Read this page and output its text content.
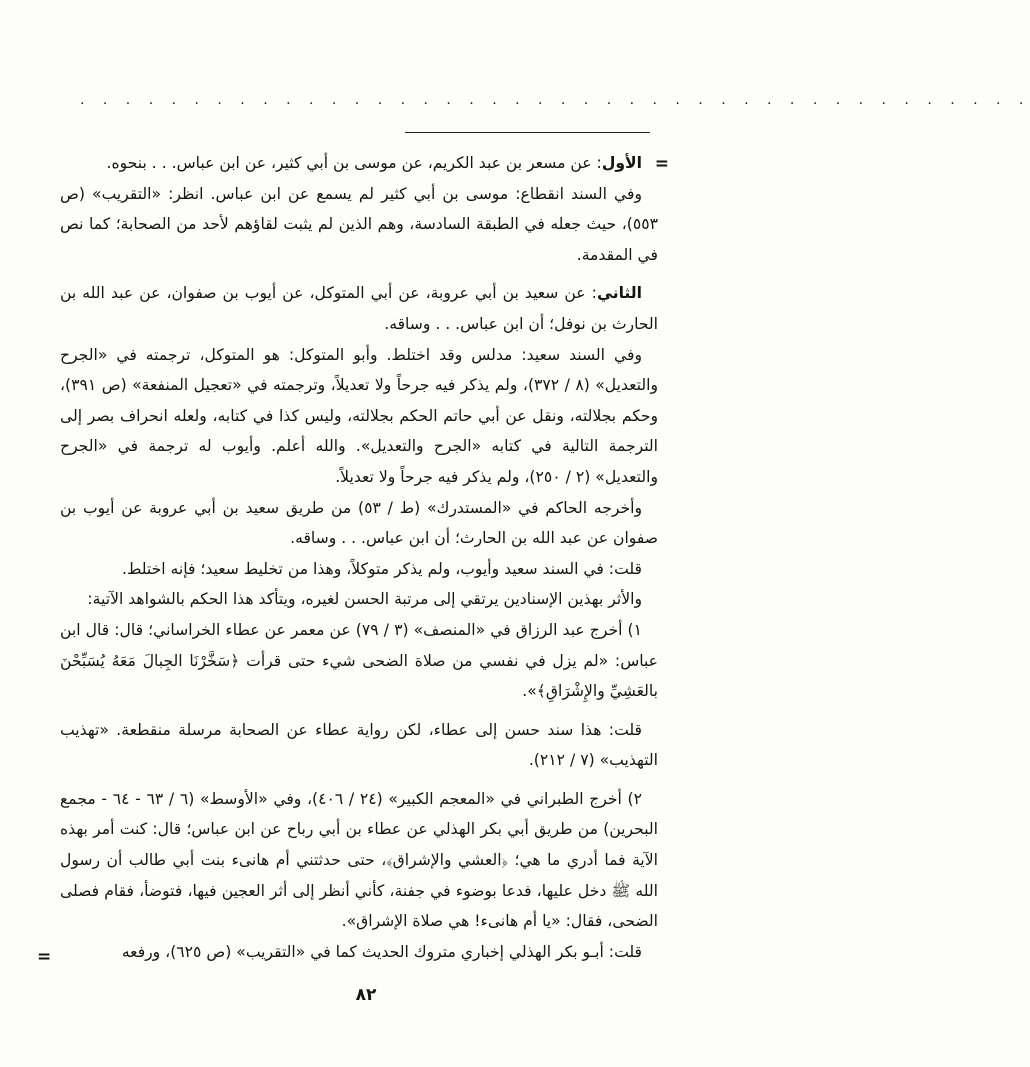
. . . . . . . . . . . . . . . . . . . . . . . . . . . . . . . . . . . . . . . . . .
=

الأول: عن مسعر بن عبد الكريم، عن موسى بن أبي كثير، عن ابن عباس. . . بنحوه.

وفي السند انقطاع: موسى بن أبي كثير لم يسمع عن ابن عباس. انظر: «التقريب» (ص ٥٥٣)، حيث جعله في الطبقة السادسة، وهم الذين لم يثبت لقاؤهم لأحد من الصحابة؛ كما نص في المقدمة.

الثاني: عن سعيد بن أبي عروبة، عن أبي المتوكل، عن أيوب بن صفوان، عن عبد الله بن الحارث بن نوفل؛ أن ابن عباس. . . وساقه.

وفي السند سعيد: مدلس وقد اختلط. وأبو المتوكل: هو المتوكل، ترجمته في «الجرح والتعديل» (٨ / ٣٧٢)، ولم يذكر فيه جرحاً ولا تعديلاً، وترجمته في «تعجيل المنفعة» (ص ٣٩١)، وحكم بجلالته، ونقل عن أبي حاتم الحكم بجلالته، وليس كذا في كتابه، ولعله انحراف بصر إلى الترجمة التالية في كتابه «الجرح والتعديل». والله أعلم. وأيوب له ترجمة في «الجرح والتعديل» (٢ / ٢٥٠)، ولم يذكر فيه جرحاً ولا تعديلاً.

وأخرجه الحاكم في «المستدرك» (ط / ٥٣) من طريق سعيد بن أبي عروبة عن أيوب بن صفوان عن عبد الله بن الحارث؛ أن ابن عباس. . . وساقه.

قلت: في السند سعيد وأيوب، ولم يذكر متوكلاً، وهذا من تخليط سعيد؛ فإنه اختلط.

والأثر بهذين الإسنادين يرتقي إلى مرتبة الحسن لغيره، ويتأكد هذا الحكم بالشواهد الآتية:

١) أخرج عبد الرزاق في «المنصف» (٣ / ٧٩) عن معمر عن عطاء الخراساني؛ قال: قال ابن عباس: «لم يزل في نفسي من صلاة الضحى شيء حتى قرأت ﴿سَخَّرْنَا الجِبالَ مَعَهُ يُسَبِّحْنَ بالعَشِيِّ والإِشْرَاقِ﴾».

قلت: هذا سند حسن إلى عطاء، لكن رواية عطاء عن الصحابة مرسلة منقطعة. «تهذيب التهذيب» (٧ / ٢١٢).

٢) أخرج الطبراني في «المعجم الكبير» (٢٤ / ٤٠٦)، وفي «الأوسط» (٦ / ٦٣ - ٦٤ - مجمع البحرين) من طريق أبي بكر الهذلي عن عطاء بن أبي رباح عن ابن عباس؛ قال: كنت أمر بهذه الآية فما أدري ما هي؛ ﴿العشي والإشراق﴾، حتى حدثتني أم هانىء بنت أبي طالب أن رسول الله ﷺ دخل عليها، فدعا بوضوء في جفنة، كأني أنظر إلى أثر العجين فيها، فتوضأ، فقام فصلى الضحى، فقال: «يا أم هانىء! هي صلاة الإشراق».

قلت: أبـو بكر الهذلي إخباري متروك الحديث كما في «التقريب» (ص ٦٢٥)، ورفعه

=
٨٢
